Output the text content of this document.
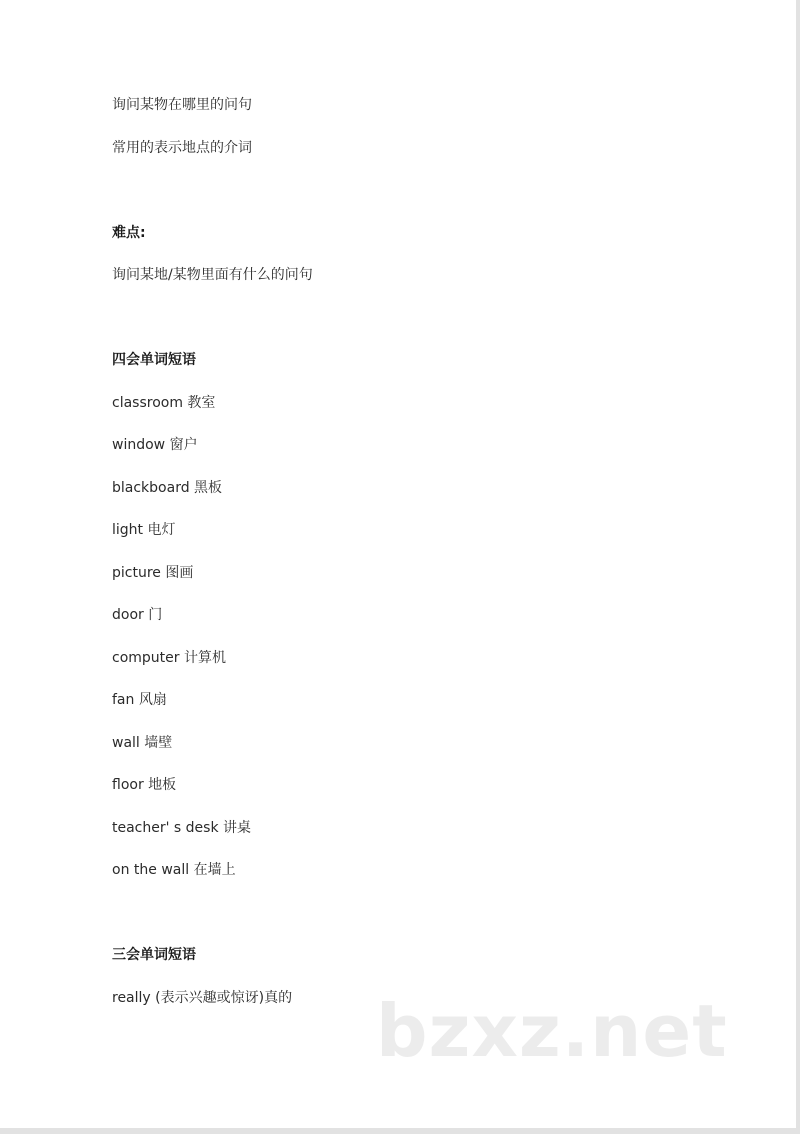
询问某物在哪里的问句
常用的表示地点的介词
难点:
询问某地/某物里面有什么的问句
四会单词短语
classroom 教室
window 窗户
blackboard 黑板
light 电灯
picture 图画
door 门
computer 计算机
fan 风扇
wall 墙壁
floor 地板
teacher' s desk 讲桌
on the wall 在墙上
三会单词短语
really (表示兴趣或惊讶)真的 bzxz.net
